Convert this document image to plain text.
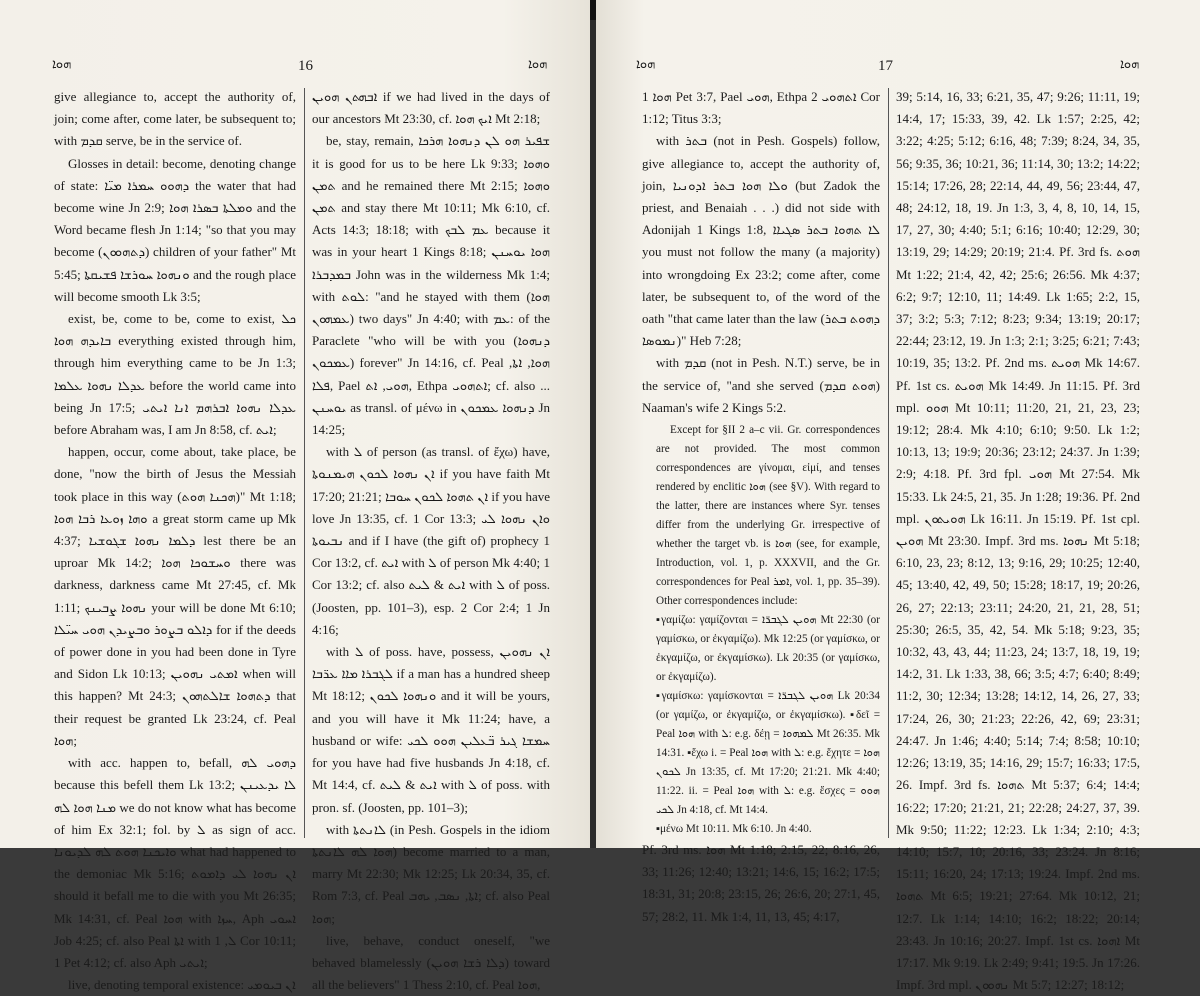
ܗܘܐ	16	ܗܘܐ

give allegiance to, accept the authority of, join; come after, come later, be subsequent to; with ܩܕܡ serve, be in the service of.

Glosses in detail: become, denoting change of state: ܕܗܘܘ ܚܡܪܐ ܡܝ̈ܐ the water that had become wine Jn 2:9; ܘܡܠܬܐ ܒܣܪܐ ܗܘܐ and the Word became flesh Jn 1:14; "so that you may become (ܕܬܗܘܘܢ) children of your father" Mt 5:45; ܘܢܗܘܐ ܚܘܪܫܐ ܦܫܝܩܬܐ and the rough place will become smooth Lk 3:5;

exist, be, come to be, come to exist, ܟܠ ܒܐܝܕܗ ܗܘܐ everything existed through him, through him everything came to be Jn 1:3; ܥܕܠܐ ܢܗܘܐ ܥܠܡܐ before the world came into being Jn 17:5; ܥܕܠܐ ܢܗܘܐ ܐܒܪܗܡ ܐܢܐ ܐܝܬܝ before Abraham was, I am Jn 8:58, cf. ܐܝܬ;

happen, occur, come about, take place, be done, "now the birth of Jesus the Messiah took place in this way (ܗܟܢܐ ܗܘܬ)" Mt 1:18; ܘܗܐ ܙܘܥܐ ܪܒܐ ܗܘܐ a great storm came up Mk 4:37; ܕܠܡܐ ܢܗܘܐ ܫܓܘܫܝܐ lest there be an uproar Mk 14:2; ܘܚܫܘܟܐ ܗܘܐ there was darkness, darkness came Mt 27:45, cf. Mk 1:11; ܢܗܘܐ ܨܒܝܢܟ your will be done Mt 6:10; ܕܐܠܘ ܒܨܘܪ ܘܒܨܝܕܢ ܗܘܝ ܚܝ̈ܠܐ for if the deeds of power done in you had been done in Tyre and Sidon Lk 10:13; ܐܡܬܝ ܢܗܘܝܢ when will this happen? Mt 24:3; ܕܬܗܘܐ ܫܐܠܬܗܘܢ that their request be granted Lk 23:24, cf. Peal ܗܘܐ;

with acc. happen to, befall, ܕܗܘܝ ܠܗ because this befell them Lk 13:2; ܠܐ ܝܕܥܝܢܢ ܡܢܐ ܗܘܐ ܠܗ we do not know what has become of him Ex 32:1; fol. by ܠ as sign of acc. ܘܐܝܟܢܐ ܗܘܬ ܠܗ ܠܕܝܘܢܐ what had happened to the demoniac Mk 5:16; ܐܢ ܢܗܘܐ ܠܝ ܕܐܡܘܬ should it befall me to die with you Mt 26:35; Mk 14:31, cf. Peal ܗܘܐ with ܚܙܐ, Aph ܐܚܘܝ Job 4:25; cf. also Peal ܐܬܐ with ܠ, 1 Cor 10:11; 1 Pet 4:12; cf. also Aph ܐܝܬܝ;

live, denoting temporal existence: ܐܢ ܒܝܘܡܝ

ܐܒܗܬܢ ܗܘܝܢ if we had lived in the days of our ancestors Mt 23:30, cf. ܐܝܟ ܗܘܐ Mt 2:18;

be, stay, remain, ܫܦܝܪ ܗܘ ܠܢ ܕܢܗܘܐ ܗܪܟܐ it is good for us to be here Lk 9:33; ܘܗܘܐ ܬܡܢ and he remained there Mt 2:15; ܘܗܘܐ ܬܡܢ and stay there Mt 10:11; Mk 6:10, cf. Acts 14:3; 18:18; with ܥܡ ܠܒܟ because it was in your heart 1 Kings 8:18; ܗܘܐ ܝܘܚܢܢ ܒܡܕܒܪܐ John was in the wilderness Mk 1:4; with ܠܘܬ: "and he stayed with them (ܗܘܐ ܥܡܗܘܢ) two days" Jn 4:40; with ܥܡ: of the Paraclete "who will be with you (ܕܢܗܘܐ ܥܡܟܘܢ) forever" Jn 14:16, cf. Peal ܗܘܐ, ܐܬܐ, ܦܠܐ, Pael ܗܘܝ, ܐܬ, Ethpa ܐܬܗܘܝ; cf. also ... ܝܘܚܢܢ as transl. of μένω in ܕܢܗܘܐ ܥܡܟܘܢ Jn 14:25;

with ܠ of person (as transl. of ἔχω) have, ܐܢ ܢܗܘܐ ܠܟܘܢ ܗܝܡܢܘܬܐ if you have faith Mt 17:20; 21:21; ܐܢ ܬܗܘܐ ܠܟܘܢ ܚܘܒܐ if you have love Jn 13:35, cf. 1 Cor 13:3; ܘܐܢ ܢܗܘܐ ܠܝ ܢܒܝܘܬܐ and if I have (the gift of) prophecy 1 Cor 13:2, cf. ܐܝܬ with ܠ of person Mk 4:40; 1 Cor 13:2; cf. also ܐܝܬ & ܠܝܬ with ܠ of poss. (Joosten, pp. 101–3), esp. 2 Cor 2:4; 1 Jn 4:16;

with ܠ of poss. have, possess, ܐܢ ܢܗܘܝܢ ܠܓܒܪܐ ܡܐܐ ܥܪ̈ܒܐ if a man has a hundred sheep Mt 18:12; ܘܢܗܘܐ ܠܟܘܢ and it will be yours, and you will have it Mk 11:24; have, a husband or wife: ܚܡܫܐ ܓܝܪ ܒ̈ܥܠܝܢ ܗܘܘ ܠܟܝ for you have had five husbands Jn 4:18, cf. Mt 14:4, cf. ܐܝܬ & ܠܝܬ with ܠ of poss. with pron. sf. (Joosten, pp. 101–3);

with ܠܐܢܬܬܐ (in Pesh. Gospels in the idiom ܗܘܐ ܠܗ ܠܐܢܬܬܐ) become married to a man, marry Mt 22:30; Mk 12:25; Lk 20:34, 35, cf. Rom 7:3, cf. Peal ܐܬܐ, ܢܣܒ, ܝܗܒ; cf. also Peal ܗܘܐ;

live, behave, conduct oneself, "we behaved blamelessly (ܕܠܐ ܪܫܐ ܗܘܝܢ) toward all the believers" 1 Thess 2:10, cf. Peal ܗܘܐ,

ܗܘܐ	17	ܗܘܐ

ܗܘܐ 1 Pet 3:7, Pael ܗܘܝ, Ethpa ܐܬܗܘܝ 2 Cor 1:12; Titus 3:3;

with ܒܬܪ (not in Pesh. Gospels) follow, give allegiance to, accept the authority of, join, ܘܠܐ ܗܘܐ ܒܬܪ ܐܕܘܢܝܐ (but Zadok the priest, and Benaiah . . .) did not side with Adonijah 1 Kings 1:8, ܠܐ ܬܗܘܐ ܒܬܪ ܣܓܝܐܐ you must not follow the many (a majority) into wrongdoing Ex 23:2; come after, come later, be subsequent to, of the word of the oath "that came later than the law (ܕܗܘܬ ܒܬܪ ܢܡܘܣܐ)" Heb 7:28;

with ܩܕܡ (not in Pesh. N.T.) serve, be in the service of, "and she served (ܗܘܬ ܩܕܡ) Naaman's wife 2 Kings 5:2.

Except for §II 2 a–c vii. Gr. correspondences are not provided. The most common correspondences are γίνομαι, εἰμί, and tenses rendered by enclitic ܗܘܐ (see §V). With regard to the latter, there are instances where Syr. tenses differ from the underlying Gr. irrespective of whether the target vb. is ܗܘܐ (see, for example, Introduction, vol. 1, p. XXXVII, and the Gr. correspondences for Peal ܐܡܪ, vol. 1, pp. 35–39). Other correspondences include:

▪γαμίζω: γαμίζονται = ܗܘܝܢ ܠܓܒܪ̈ܐ Mt 22:30 (or γαμίσκω, or ἐκγαμίζω). Mk 12:25 (or γαμίσκω, or ἐκγαμίζω, or ἐκγαμίσκω). Lk 20:35 (or γαμίσκω, or ἐκγαμίζω).

▪γαμίσκω: γαμίσκονται = ܗܘܝܢ ܠܓܒܪ̈ܐ Lk 20:34 (or γαμίζω, or ἐκγαμίζω, or ἐκγαμίσκω). ▪δεῖ = Peal ܗܘܐ with ܠ: e.g. δέῃ = ܠܡܗܘܐ Mt 26:35. Mk 14:31. ▪ἔχω i. = Peal ܗܘܐ with ܠ: e.g. ἔχητε = ܗܘܐ ܠܟܘܢ Jn 13:35, cf. Mt 17:20; 21:21. Mk 4:40; 11:22. ii. = Peal ܗܘܐ with ܠ: e.g. ἔσχες = ܗܘܘ ܠܟܝ Jn 4:18, cf. Mt 14:4.

▪μένω Mt 10:11. Mk 6:10. Jn 4:40.

Pf. 3rd ms. ܗܘܐ Mt 1:18; 2:15, 22; 8:16, 26, 33; 11:26; 12:40; 13:21; 14:6, 15; 16:2; 17:5; 18:31, 31; 20:8; 23:15, 26; 26:6, 20; 27:1, 45, 57; 28:2, 11. Mk 1:4, 11, 13, 45; 4:17,

39; 5:14, 16, 33; 6:21, 35, 47; 9:26; 11:11, 19; 14:4, 17; 15:33, 39, 42. Lk 1:57; 2:25, 42; 3:22; 4:25; 5:12; 6:16, 48; 7:39; 8:24, 34, 35, 56; 9:35, 36; 10:21, 36; 11:14, 30; 13:2; 14:22; 15:14; 17:26, 28; 22:14, 44, 49, 56; 23:44, 47, 48; 24:12, 18, 19. Jn 1:3, 3, 4, 8, 10, 14, 15, 17, 27, 30; 4:40; 5:1; 6:16; 10:40; 12:29, 30; 13:19, 29; 14:29; 20:19; 21:4. Pf. 3rd fs. ܗܘܬ Mt 1:22; 21:4, 42, 42; 25:6; 26:56. Mk 4:37; 6:2; 9:7; 12:10, 11; 14:49. Lk 1:65; 2:2, 15, 37; 3:2; 5:3; 7:12; 8:23; 9:34; 13:19; 20:17; 22:44; 23:12, 19. Jn 1:3; 2:1; 3:25; 6:21; 7:43; 10:19, 35; 13:2. Pf. 2nd ms. ܗܘܝܬ Mk 14:67. Pf. 1st cs. ܗܘܝܬ Mk 14:49. Jn 11:15. Pf. 3rd mpl. ܗܘܘ Mt 10:11; 11:20, 21, 21, 23, 23; 19:12; 28:4. Mk 4:10; 6:10; 9:50. Lk 1:2; 10:13, 13; 19:9; 20:36; 23:12; 24:37. Jn 1:39; 2:9; 4:18. Pf. 3rd fpl. ܗܘܝ Mt 27:54. Mk 15:33. Lk 24:5, 21, 35. Jn 1:28; 19:36. Pf. 2nd mpl. ܗܘܝܬܘܢ Lk 16:11. Jn 15:19. Pf. 1st cpl. ܗܘܝܢ Mt 23:30. Impf. 3rd ms. ܢܗܘܐ Mt 5:18; 6:10, 23, 23; 8:12, 13; 9:16, 29; 10:25; 12:40, 45; 13:40, 42, 49, 50; 15:28; 18:17, 19; 20:26, 26, 27; 22:13; 23:11; 24:20, 21, 21, 28, 51; 25:30; 26:5, 35, 42, 54. Mk 5:18; 9:23, 35; 10:32, 43, 43, 44; 11:23, 24; 13:7, 18, 19, 19; 14:2, 31. Lk 1:33, 38, 66; 3:5; 4:7; 6:40; 8:49; 11:2, 30; 12:34; 13:28; 14:12, 14, 26, 27, 33; 17:24, 26, 30; 21:23; 22:26, 42, 69; 23:31; 24:47. Jn 1:46; 4:40; 5:14; 7:4; 8:58; 10:10; 12:26; 13:19, 35; 14:16, 29; 15:7; 16:33; 17:5, 26. Impf. 3rd fs. ܬܗܘܐ Mt 5:37; 6:4; 14:4; 16:22; 17:20; 21:21, 21; 22:28; 24:27, 37, 39. Mk 9:50; 11:22; 12:23. Lk 1:34; 2:10; 4:3; 14:10; 15:7, 10; 20:16, 33; 23:24. Jn 8:16; 15:11; 16:20, 24; 17:13; 19:24. Impf. 2nd ms. ܬܗܘܐ Mt 6:5; 19:21; 27:64. Mk 10:12, 21; 12:7. Lk 1:14; 14:10; 16:2; 18:22; 20:14; 23:43. Jn 10:16; 20:27. Impf. 1st cs. ܐܗܘܐ Mt 17:17. Mk 9:19. Lk 2:49; 9:41; 19:5. Jn 17:26. Impf. 3rd mpl. ܢܗܘܘܢ Mt 5:7; 12:27; 18:12;
